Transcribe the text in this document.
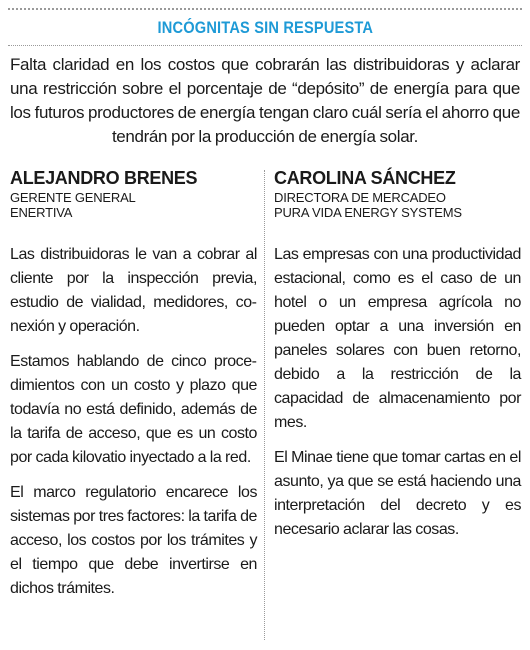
INCÓGNITAS SIN RESPUESTA

Falta claridad en los costos que cobrarán las distribuidoras y aclarar una restricción sobre el porcentaje de “depósito” de energía para que los futuros productores de energía tengan claro cuál sería el ahorro que tendrán por la producción de energía solar.

ALEJANDRO BRENES
GERENTE GENERAL
ENERTIVA

Las distribuidoras le van a cobrar al cliente por la inspección previa, estudio de vialidad, medidores, conexión y operación.

Estamos hablando de cinco procedimientos con un costo y plazo que todavía no está definido, además de la tarifa de acceso, que es un costo por cada kilovatio inyectado a la red.

El marco regulatorio encarece los sistemas por tres factores: la tarifa de acceso, los costos por los trámites y el tiempo que debe invertirse en dichos trámites.

CAROLINA SÁNCHEZ
DIRECTORA DE MERCADEO
PURA VIDA ENERGY SYSTEMS

Las empresas con una productividad estacional, como es el caso de un hotel o un empresa agrícola no pueden optar a una inversión en paneles solares con buen retorno, debido a la restricción de la capacidad de almacenamiento por mes.

El Minae tiene que tomar cartas en el asunto, ya que se está haciendo una interpretación del decreto y es necesario aclarar las cosas.
